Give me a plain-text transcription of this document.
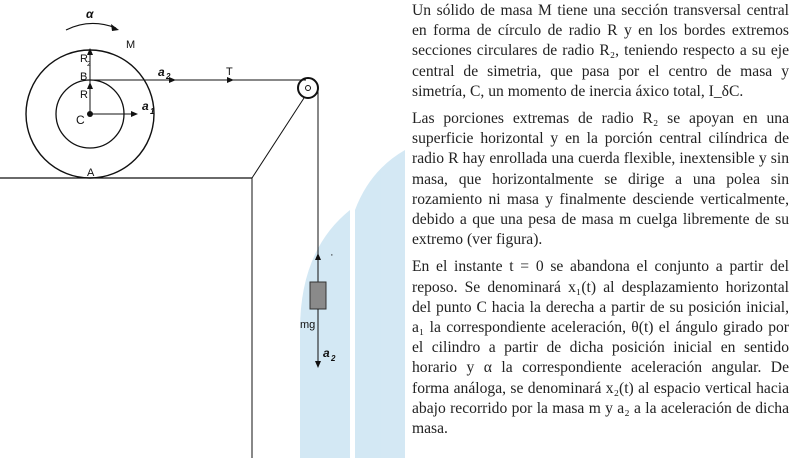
α
M
R 2
B
R
C
A
a 2	T
a 1
·
mg
a 2

Un sólido de masa M tiene una sección transversal central en forma de círculo de radio R y en los bordes extremos secciones circulares de radio R₂, teniendo respecto a su eje central de simetria, que pasa por el centro de masa y simetría, C, un momento de inercia áxico total, I_δC.

Las porciones extremas de radio R₂ se apoyan en una superficie horizontal y en la porción central cilíndrica de radio R hay enrollada una cuerda flexible, inextensible y sin masa, que horizontalmente se dirige a una polea sin rozamiento ni masa y finalmente desciende verticalmente, debido a que una pesa de masa m cuelga libremente de su extremo (ver figura).

En el instante t = 0 se abandona el conjunto a partir del reposo. Se denominará x₁(t) al desplazamiento horizontal del punto C hacia la derecha a partir de su posición inicial, a₁ la correspondiente aceleración, θ(t) el ángulo girado por el cilindro a partir de dicha posición inicial en sentido horario y α la correspondiente aceleración angular. De forma análoga, se denominará x₂(t) al espacio vertical hacia abajo recorrido por la masa m y a₂ a la aceleración de dicha masa.
